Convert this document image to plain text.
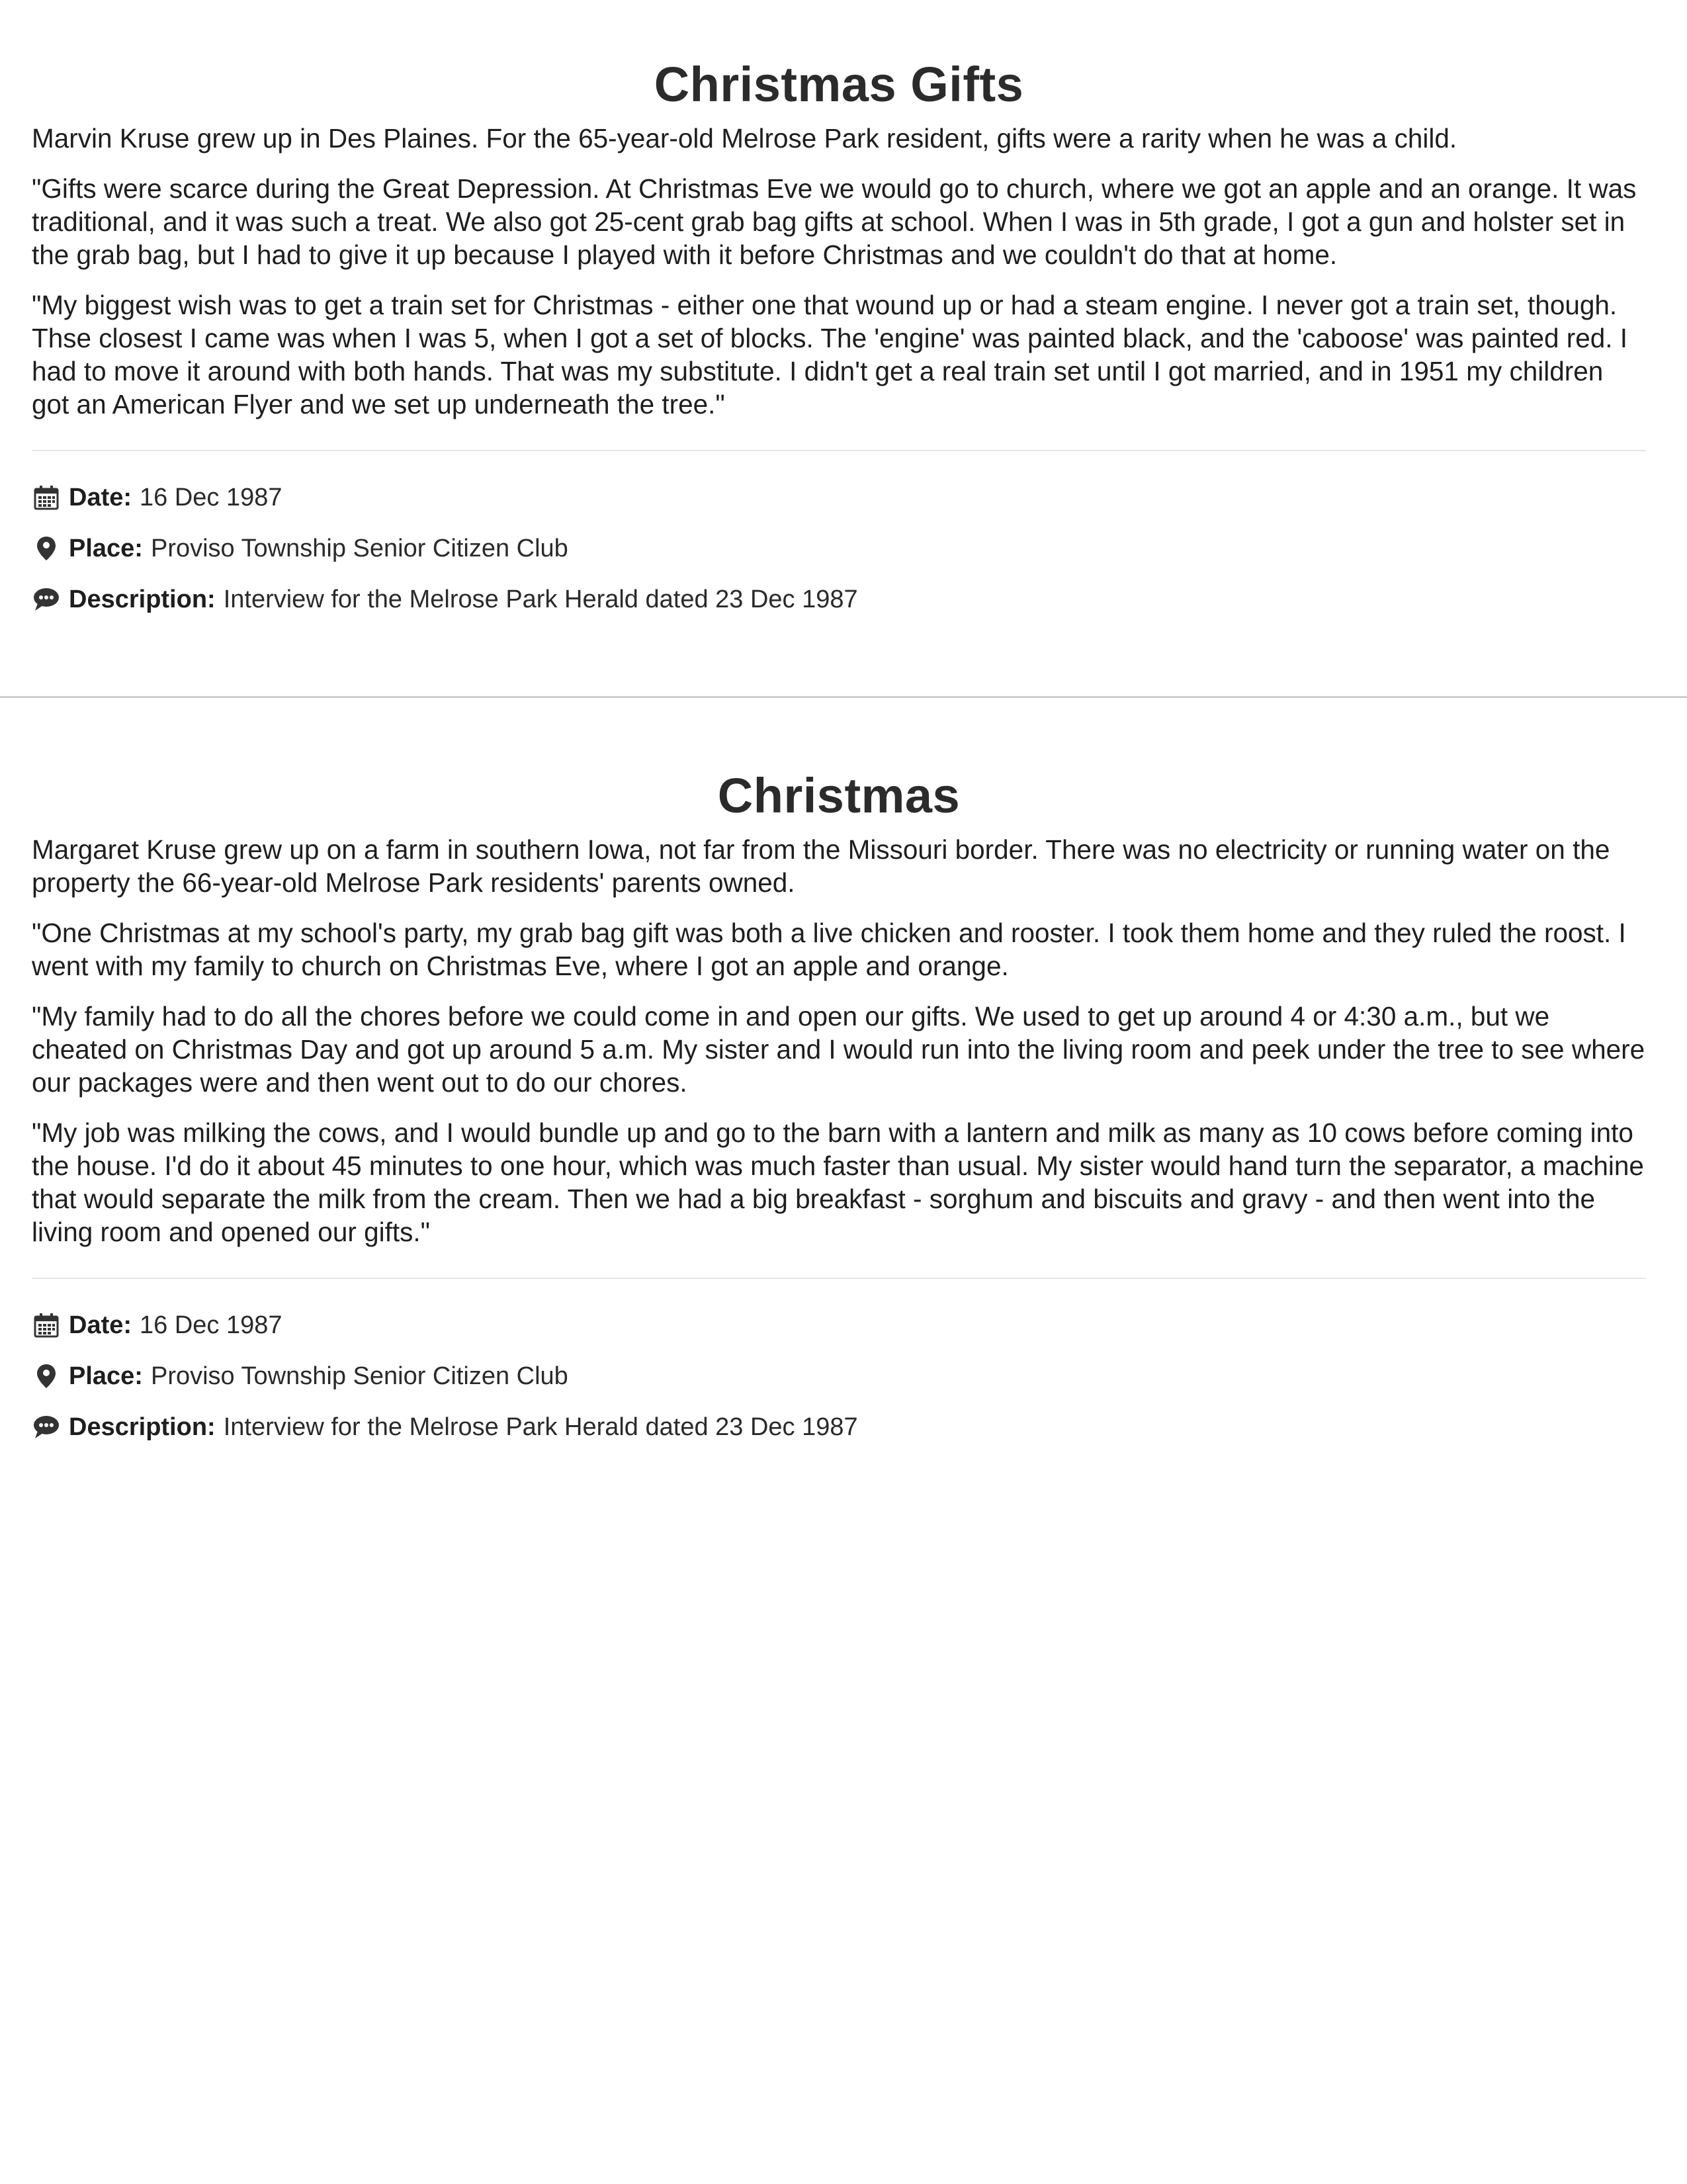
Christmas Gifts

Marvin Kruse grew up in Des Plaines. For the 65-year-old Melrose Park resident, gifts were a rarity when he was a child.

"Gifts were scarce during the Great Depression. At Christmas Eve we would go to church, where we got an apple and an orange. It was traditional, and it was such a treat. We also got 25-cent grab bag gifts at school. When I was in 5th grade, I got a gun and holster set in the grab bag, but I had to give it up because I played with it before Christmas and we couldn't do that at home.

"My biggest wish was to get a train set for Christmas - either one that wound up or had a steam engine. I never got a train set, though. Thse closest I came was when I was 5, when I got a set of blocks. The 'engine' was painted black, and the 'caboose' was painted red. I had to move it around with both hands. That was my substitute. I didn't get a real train set until I got married, and in 1951 my children got an American Flyer and we set up underneath the tree."

Date: 16 Dec 1987
Place: Proviso Township Senior Citizen Club
Description: Interview for the Melrose Park Herald dated 23 Dec 1987
Christmas

Margaret Kruse grew up on a farm in southern Iowa, not far from the Missouri border. There was no electricity or running water on the property the 66-year-old Melrose Park residents' parents owned.

"One Christmas at my school's party, my grab bag gift was both a live chicken and rooster. I took them home and they ruled the roost. I went with my family to church on Christmas Eve, where I got an apple and orange.

"My family had to do all the chores before we could come in and open our gifts. We used to get up around 4 or 4:30 a.m., but we cheated on Christmas Day and got up around 5 a.m. My sister and I would run into the living room and peek under the tree to see where our packages were and then went out to do our chores.

"My job was milking the cows, and I would bundle up and go to the barn with a lantern and milk as many as 10 cows before coming into the house. I'd do it about 45 minutes to one hour, which was much faster than usual. My sister would hand turn the separator, a machine that would separate the milk from the cream. Then we had a big breakfast - sorghum and biscuits and gravy - and then went into the living room and opened our gifts."

Date: 16 Dec 1987
Place: Proviso Township Senior Citizen Club
Description: Interview for the Melrose Park Herald dated 23 Dec 1987
